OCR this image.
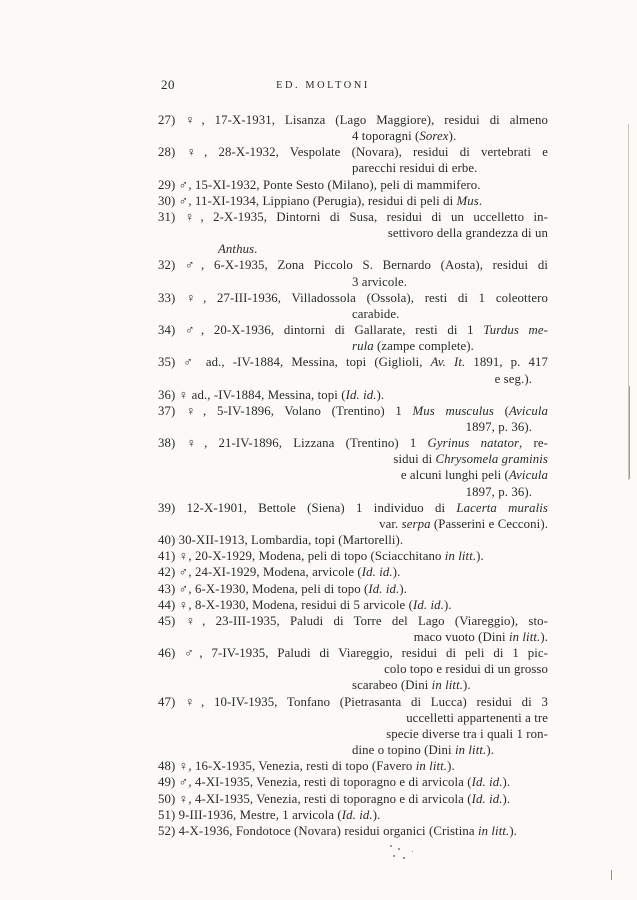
20	ED. MOLTONI
27) ♀, 17-X-1931, Lisanza (Lago Maggiore), residui di almeno
4 toporagni (Sorex).
28) ♀, 28-X-1932, Vespolate (Novara), residui di vertebrati e
parecchi residui di erbe.
29) ♂, 15-XI-1932, Ponte Sesto (Milano), peli di mammifero.
30) ♂, 11-XI-1934, Lippiano (Perugia), residui di peli di Mus.
31) ♀, 2-X-1935, Dintorni di Susa, residui di un uccelletto in-
settivoro della grandezza di un
Anthus.
32) ♂, 6-X-1935, Zona Piccolo S. Bernardo (Aosta), residui di
3 arvicole.
33) ♀, 27-III-1936, Villadossola (Ossola), resti di 1 coleottero
carabide.
34) ♂, 20-X-1936, dintorni di Gallarate, resti di 1 Turdus me-
rula (zampe complete).
35) ♂ ad., -IV-1884, Messina, topi (Giglioli, Av. It. 1891, p. 417
e seg.).
36) ♀ ad., -IV-1884, Messina, topi (Id. id.).
37) ♀, 5-IV-1896, Volano (Trentino) 1 Mus musculus (Avicula
1897, p. 36).
38) ♀, 21-IV-1896, Lizzana (Trentino) 1 Gyrinus natator, re-
sidui di Chrysomela graminis
e alcuni lunghi peli (Avicula
1897, p. 36).
39) 12-X-1901, Bettole (Siena) 1 individuo di Lacerta muralis
var. serpa (Passerini e Cecconi).
40) 30-XII-1913, Lombardia, topi (Martorelli).
41) ♀, 20-X-1929, Modena, peli di topo (Sciacchitano in litt.).
42) ♂, 24-XI-1929, Modena, arvicole (Id. id.).
43) ♂, 6-X-1930, Modena, peli di topo (Id. id.).
44) ♀, 8-X-1930, Modena, residui di 5 arvicole (Id. id.).
45) ♀, 23-III-1935, Paludi di Torre del Lago (Viareggio), sto-
maco vuoto (Dini in litt.).
46) ♂, 7-IV-1935, Paludi di Viareggio, residui di peli di 1 pic-
colo topo e residui di un grosso
scarabeo (Dini in litt.).
47) ♀, 10-IV-1935, Tonfano (Pietrasanta di Lucca) residui di 3
uccelletti appartenenti a tre
specie diverse tra i quali 1 ron-
dine o topino (Dini in litt.).
48) ♀, 16-X-1935, Venezia, resti di topo (Favero in litt.).
49) ♂, 4-XI-1935, Venezia, resti di toporagno e di arvicola (Id. id.).
50) ♀, 4-XI-1935, Venezia, resti di toporagno e di arvicola (Id. id.).
51) 9-III-1936, Mestre, 1 arvicola (Id. id.).
52) 4-X-1936, Fondotoce (Novara) residui organici (Cristina in litt.).
